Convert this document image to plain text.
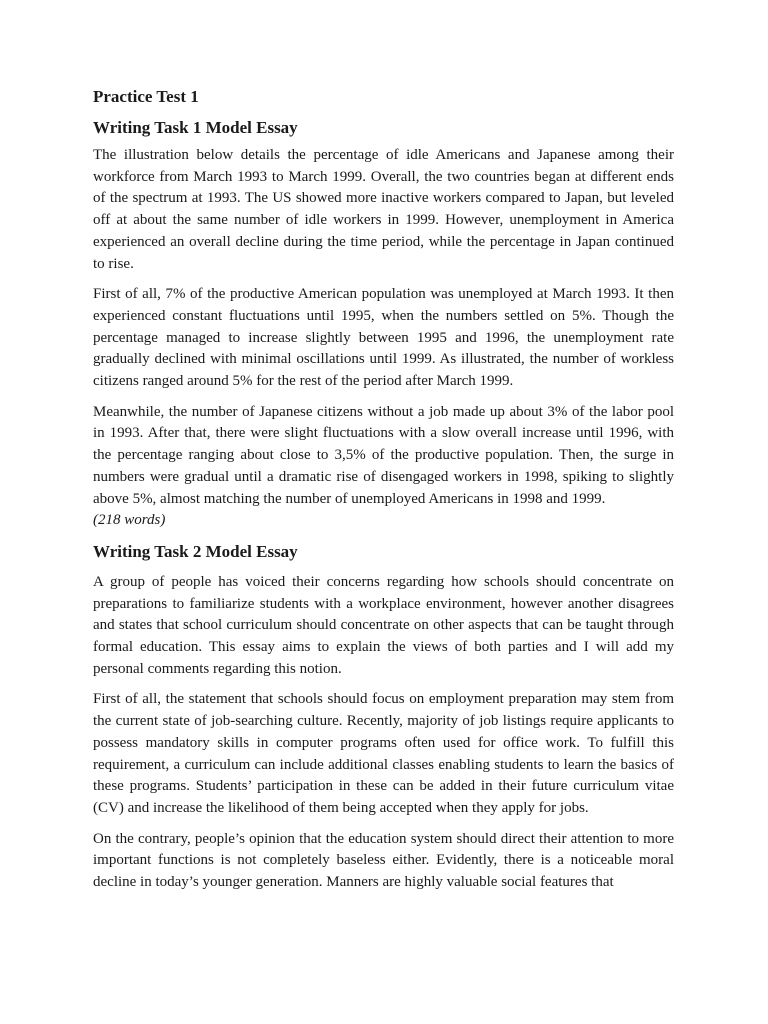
Practice Test 1
Writing Task 1 Model Essay

The illustration below details the percentage of idle Americans and Japanese among their workforce from March 1993 to March 1999. Overall, the two countries began at different ends of the spectrum at 1993. The US showed more inactive workers compared to Japan, but leveled off at about the same number of idle workers in 1999. However, unemployment in America experienced an overall decline during the time period, while the percentage in Japan continued to rise.

First of all, 7% of the productive American population was unemployed at March 1993. It then experienced constant fluctuations until 1995, when the numbers settled on 5%. Though the percentage managed to increase slightly between 1995 and 1996, the unemployment rate gradually declined with minimal oscillations until 1999. As illustrated, the number of workless citizens ranged around 5% for the rest of the period after March 1999.

Meanwhile, the number of Japanese citizens without a job made up about 3% of the labor pool in 1993. After that, there were slight fluctuations with a slow overall increase until 1996, with the percentage ranging about close to 3,5% of the productive population. Then, the surge in numbers were gradual until a dramatic rise of disengaged workers in 1998, spiking to slightly above 5%, almost matching the number of unemployed Americans in 1998 and 1999.
(218 words)

Writing Task 2 Model Essay

A group of people has voiced their concerns regarding how schools should concentrate on preparations to familiarize students with a workplace environment, however another disagrees and states that school curriculum should concentrate on other aspects that can be taught through formal education. This essay aims to explain the views of both parties and I will add my personal comments regarding this notion.

First of all, the statement that schools should focus on employment preparation may stem from the current state of job-searching culture. Recently, majority of job listings require applicants to possess mandatory skills in computer programs often used for office work. To fulfill this requirement, a curriculum can include additional classes enabling students to learn the basics of these programs. Students’ participation in these can be added in their future curriculum vitae (CV) and increase the likelihood of them being accepted when they apply for jobs.

On the contrary, people’s opinion that the education system should direct their attention to more important functions is not completely baseless either. Evidently, there is a noticeable moral decline in today’s younger generation. Manners are highly valuable social features that
